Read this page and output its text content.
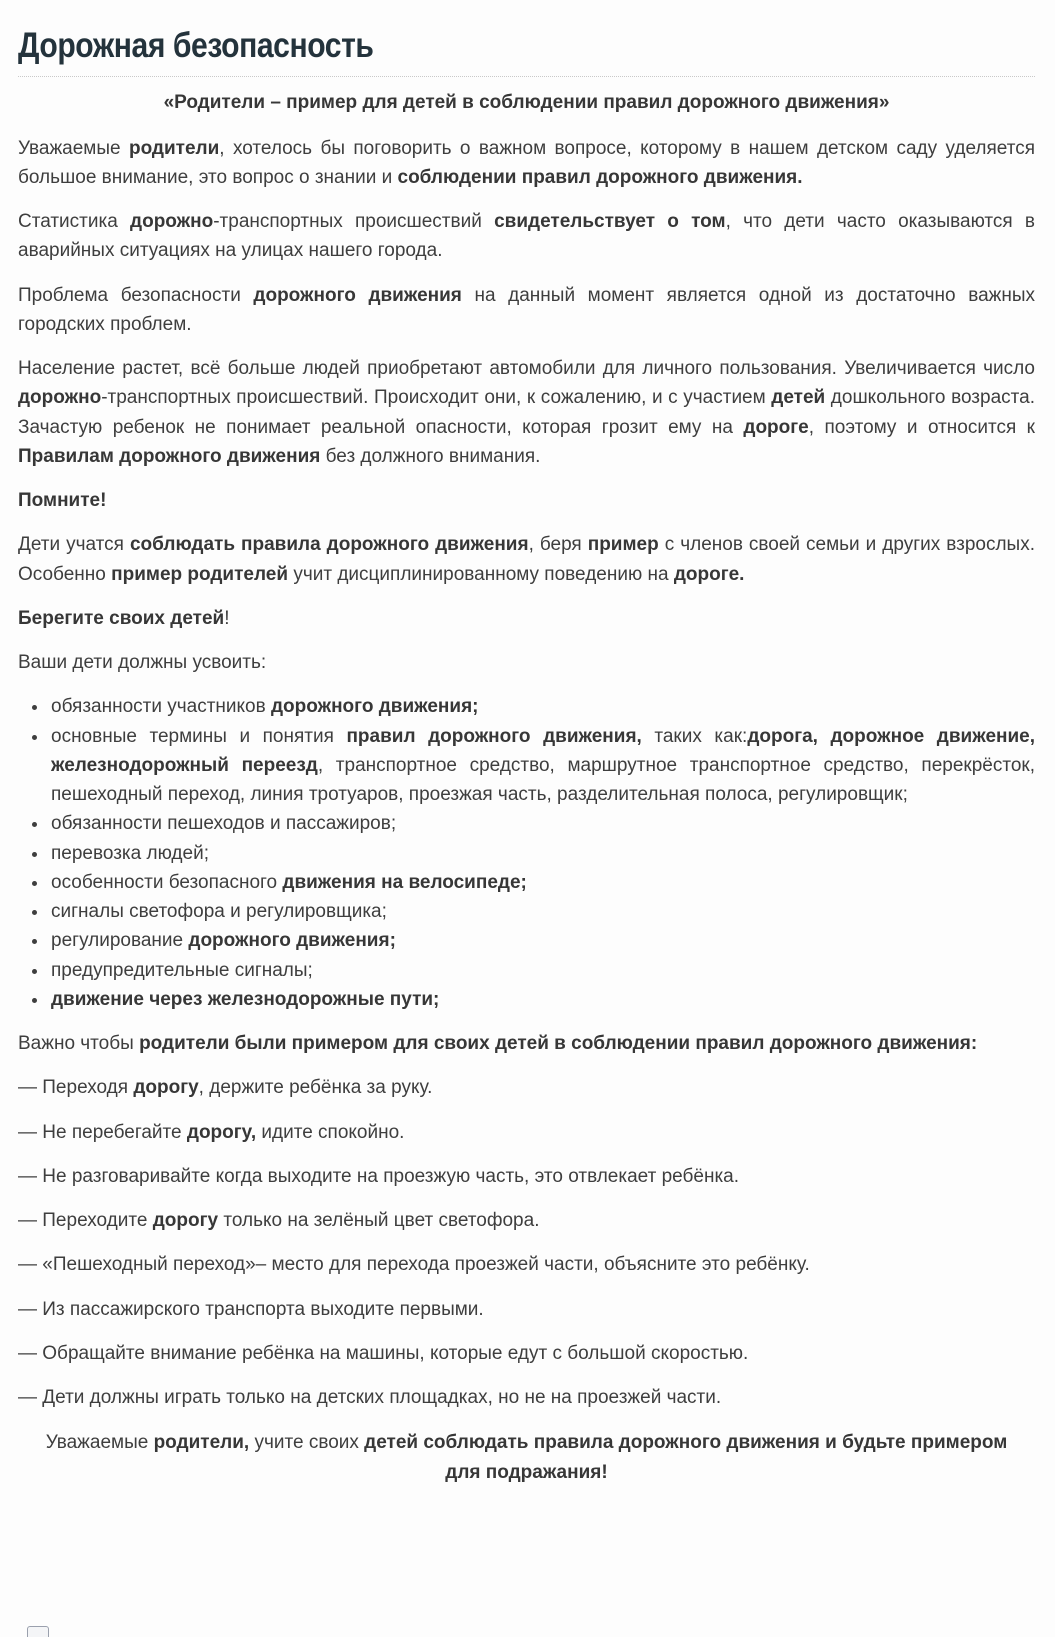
Дорожная безопасность

«Родители – пример для детей в соблюдении правил дорожного движения»

Уважаемые родители, хотелось бы поговорить о важном вопросе, которому в нашем детском саду уделяется большое внимание, это вопрос о знании и соблюдении правил дорожного движения.

Статистика дорожно-транспортных происшествий свидетельствует о том, что дети часто оказываются в аварийных ситуациях на улицах нашего города.

Проблема безопасности дорожного движения на данный момент является одной из достаточно важных городских проблем.

Население растет, всё больше людей приобретают автомобили для личного пользования. Увеличивается число дорожно-транспортных происшествий. Происходит они, к сожалению, и с участием детей дошкольного возраста. Зачастую ребенок не понимает реальной опасности, которая грозит ему на дороге, поэтому и относится к Правилам дорожного движения без должного внимания.

Помните!

Дети учатся соблюдать правила дорожного движения, беря пример с членов своей семьи и других взрослых. Особенно пример родителей учит дисциплинированному поведению на дороге.

Берегите своих детей!

Ваши дети должны усвоить:

• обязанности участников дорожного движения;
• основные термины и понятия правил дорожного движения, таких как:дорога, дорожное движение, железнодорожный переезд, транспортное средство, маршрутное транспортное средство, перекрёсток, пешеходный переход, линия тротуаров, проезжая часть, разделительная полоса, регулировщик;
• обязанности пешеходов и пассажиров;
• перевозка людей;
• особенности безопасного движения на велосипеде;
• сигналы светофора и регулировщика;
• регулирование дорожного движения;
• предупредительные сигналы;
• движение через железнодорожные пути;

Важно чтобы родители были примером для своих детей в соблюдении правил дорожного движения:

— Переходя дорогу, держите ребёнка за руку.

— Не перебегайте дорогу, идите спокойно.

— Не разговаривайте когда выходите на проезжую часть, это отвлекает ребёнка.

— Переходите дорогу только на зелёный цвет светофора.

— «Пешеходный переход»– место для перехода проезжей части, объясните это ребёнку.

— Из пассажирского транспорта выходите первыми.

— Обращайте внимание ребёнка на машины, которые едут с большой скоростью.

— Дети должны играть только на детских площадках, но не на проезжей части.

Уважаемые родители, учите своих детей соблюдать правила дорожного движения и будьте примером для подражания!
